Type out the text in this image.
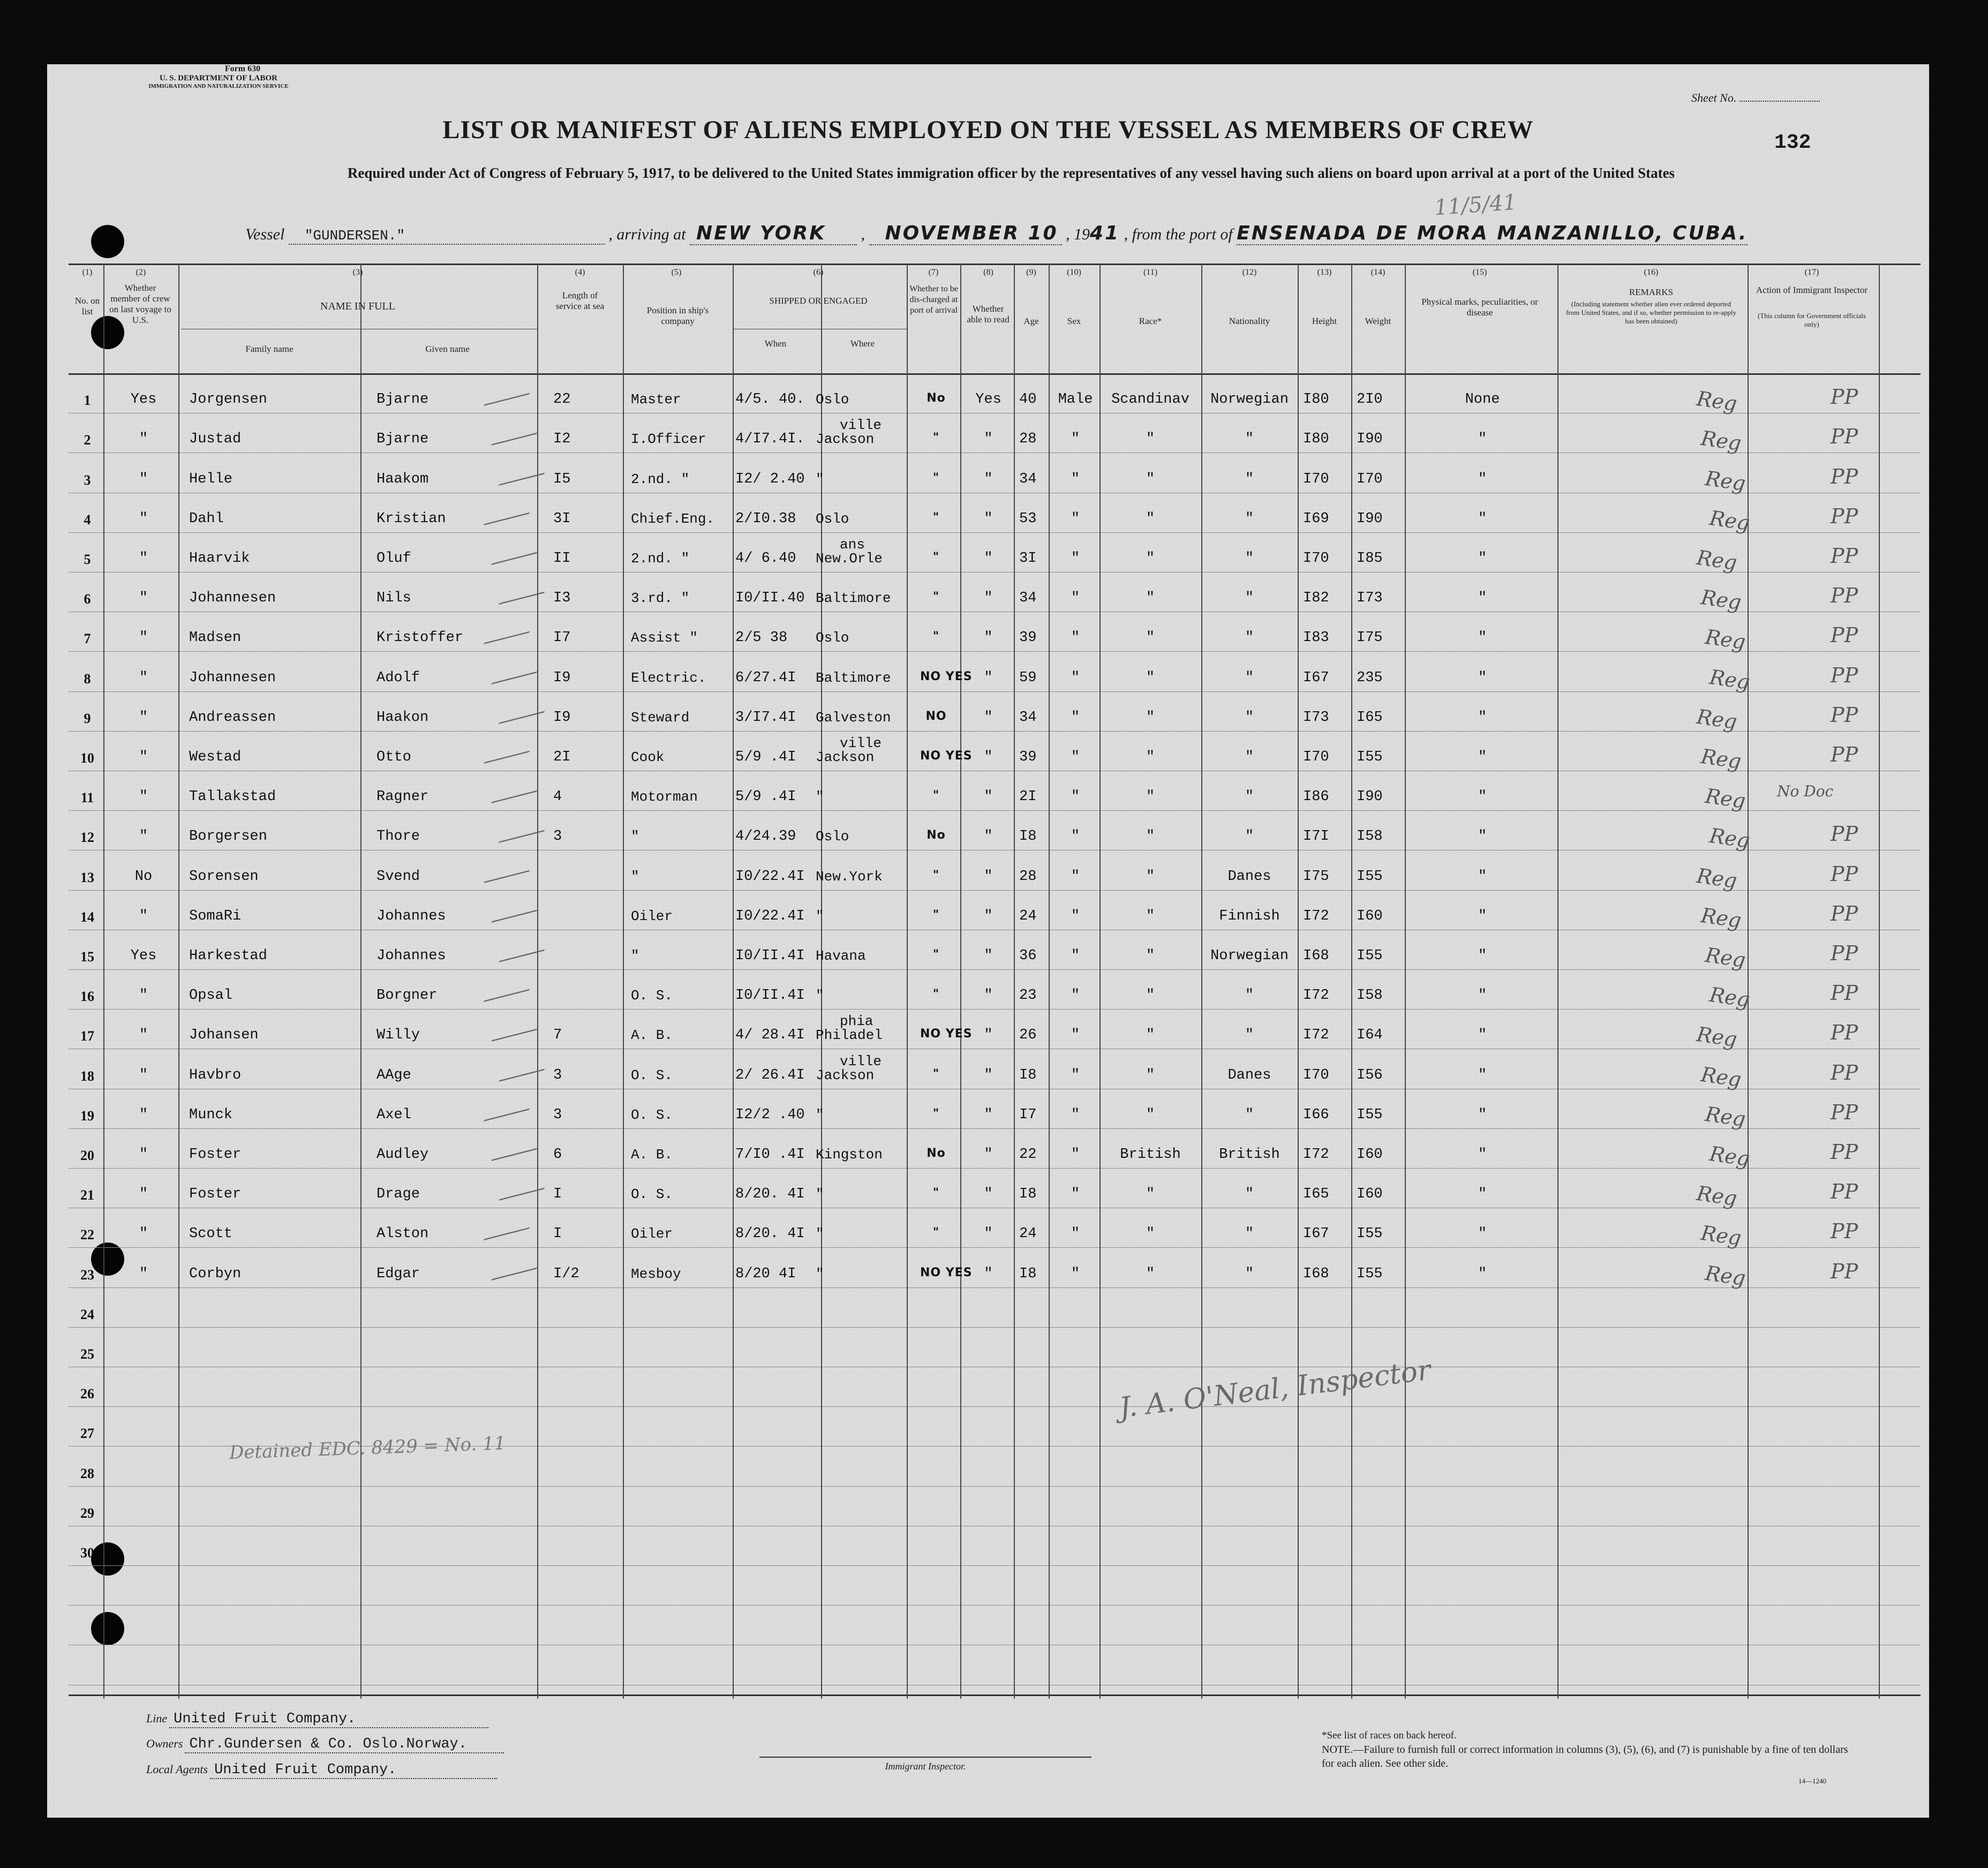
Form 630
U. S. DEPARTMENT OF LABOR
IMMIGRATION AND NATURALIZATION SERVICE
Sheet No.
132
LIST OR MANIFEST OF ALIENS EMPLOYED ON THE VESSEL AS MEMBERS OF CREW
Required under Act of Congress of February 5, 1917, to be delivered to the United States immigration officer by the representatives of any vessel having such aliens on board upon arrival at a port of the United States
11/5/41
Vessel "GUNDERSEN."	, arriving at NEW YORK , NOVEMBER 10 , 1941 , from the port of ENSENADA DE MORA MANZANILLO, CUBA.
(1)
No. on list
(2)
Whether member of crew on last voyage to U.S.
(3)
NAME IN FULL
Family name	Given name
(4)
Length of service at sea
(5)
Position in ship's company
(6)
SHIPPED OR ENGAGED
When	Where
(7)
Whether to be dis-charged at port of arrival
(8)
Whether able to read
(9)
Age
(10)
Sex
(11)
Race*
(12)
Nationality
(13)
Height
(14)
Weight
(15)
Physical marks, peculiarities, or disease
(16)
REMARKS
(Including statement whether alien ever ordered deported from United States, and if so, whether permission to re-apply has been obtained)
(17)
Action of Immigrant Inspector
(This column for Government officials only)
1	Yes	Jorgensen	Bjarne	22	Master	4/5. 40. Oslo	No	Yes 40	Male	Scandinav	Norwegian	I80 2I0	None	Reg	PP
2	"	Justad	Bjarne	I2	I.Officer 4/I7.4I. Jackson	"	"	28	"	"	"	I80 I90	"
ville
Reg	PP
3	"	Helle	Haakom	I5	2.nd. "	I2/ 2.40 "	"	"	34	"	"	"	I70 I70	"	Reg	PP
4	"	Dahl	Kristian	3I	Chief.Eng. 2/I0.38 Oslo	"	"	53	"	"	"	I69 I90	"	Reg	PP
5	"	Haarvik	Oluf	II	2.nd. "	4/ 6.40 New.Orle	"	"	3I	"	"	"	I70 I85	"
ans
Reg	PP
6	"	Johannesen	Nils	I3	3.rd. "	I0/II.40 Baltimore	"	"	34	"	"	"	I82 I73	"	Reg	PP
7	"	Madsen	Kristoffer	I7	Assist "	2/5 38 Oslo	"	"	39	"	"	"	I83 I75	"	Reg	PP
8	"	Johannesen	Adolf	I9	Electric. 6/27.4I Baltimore NO YES "	59	"	"	"	I67 235	"	Reg	PP
9	"	Andreassen	Haakon	I9	Steward	3/I7.4I Galveston	NO	"	34	"	"	"	I73 I65	"	Reg	PP
10	"	Westad	Otto	2I	Cook	5/9 .4I Jackson	NO YES "	39	"	"	"	I70 I55	"
ville
Reg	PP
11	"	Tallakstad	Ragner	4	Motorman	5/9 .4I "	"	"	2I	"	"	"	I86 I90	"	Reg No Doc
12	"	Borgersen	Thore	3	"	4/24.39 Oslo	No	"	I8	"	"	"	I7I I58	"	Reg	PP
13	No	Sorensen	Svend	"	I0/22.4I New.York	"	"	28	"	"	Danes	I75 I55	"	Reg	PP
14	"	SomaRi	Johannes	Oiler	I0/22.4I "	"	"	24	"	"	Finnish	I72 I60	"	Reg	PP
15	Yes	Harkestad	Johannes	"	I0/II.4I Havana	"	"	36	"	"	Norwegian	I68 I55	"	Reg	PP
16	"	Opsal	Borgner	O. S.	I0/II.4I "	"	"	23	"	"	"	I72 I58	"	Reg	PP
17	"	Johansen	Willy	7	A. B.	4/ 28.4I Philadel	NO YES "	26	"	"	"	I72 I64	"
phia
Reg	PP
18	"	Havbro	AAge	3	O. S.	2/ 26.4I Jackson	"	"	I8	"	"	Danes	I70 I56	"
ville
Reg	PP
19	"	Munck	Axel	3	O. S.	I2/2 .40 "	"	"	I7	"	"	"	I66 I55	"	Reg	PP
20	"	Foster	Audley	6	A. B.	7/I0 .4I Kingston	No	"	22	"	British	British	I72 I60	"	Reg	PP
21	"	Foster	Drage	I	O. S.	8/20. 4I "	"	"	I8	"	"	"	I65 I60	"	Reg	PP
22	"	Scott	Alston	I	Oiler	8/20. 4I "	"	"	24	"	"	"	I67 I55	"	Reg	PP
23	"	Corbyn	Edgar	I/2	Mesboy	8/20 4I "	NO YES "	I8	"	"	"	I68 I55	"	Reg	PP
24
25
26
27
28
29
30
Detained EDC. 8429 = No. 11
J. A. O'Neal, Inspector
Line United Fruit Company.
Owners Chr.Gundersen & Co. Oslo.Norway.
Local Agents United Fruit Company.	Immigrant Inspector.
*See list of races on back hereof.
NOTE.—Failure to furnish full or correct information in columns (3), (5), (6), and (7) is punishable by a fine of ten dollars for each alien. See other side.
14—1240
